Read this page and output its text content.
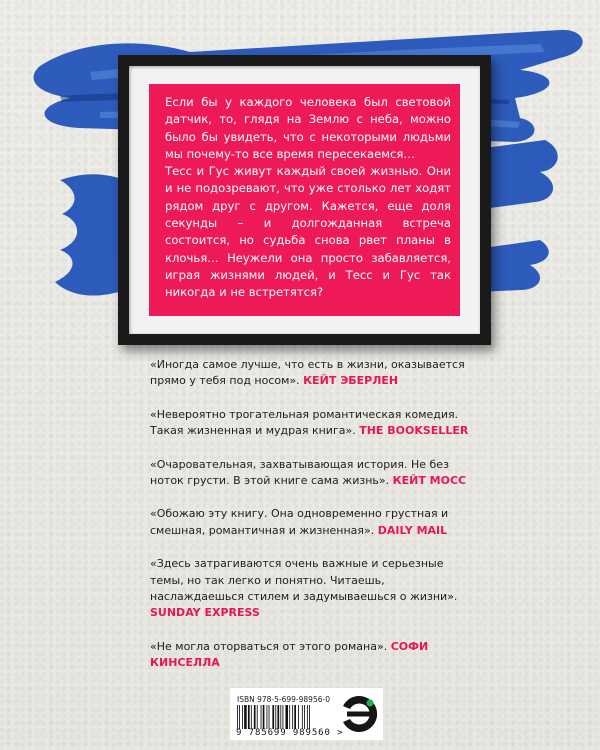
Если бы у каждого человека был световой датчик, то, глядя на Землю с неба, можно было бы увидеть, что с некоторыми людьми мы почему-то все время пересекаемся…

Тесс и Гус живут каждый своей жизнью. Они и не подозревают, что уже столько лет ходят рядом друг с другом. Кажется, еще доля секунды – и долгожданная встреча состоится, но судьба снова рвет планы в клочья… Неужели она просто забавляется, играя жизнями людей, и Тесс и Гус так никогда и не встретятся?

«Иногда самое лучше, что есть в жизни, оказывается прямо у тебя под носом». КЕЙТ ЭБЕРЛЕН

«Невероятно трогательная романтическая комедия. Такая жизненная и мудрая книга». THE BOOKSELLER

«Очаровательная, захватывающая история. Не без ноток грусти. В этой книге сама жизнь». КЕЙТ МОСС

«Обожаю эту книгу. Она одновременно грустная и смешная, романтичная и жизненная». DAILY MAIL

«Здесь затрагиваются очень важные и серьезные темы, но так легко и понятно. Читаешь, наслаждаешься стилем и задумываешься о жизни». SUNDAY EXPRESS

«Не могла оторваться от этого романа». СОФИ КИНСЕЛЛА

ISBN 978-5-699-98956-0
9 785699 989560 >
